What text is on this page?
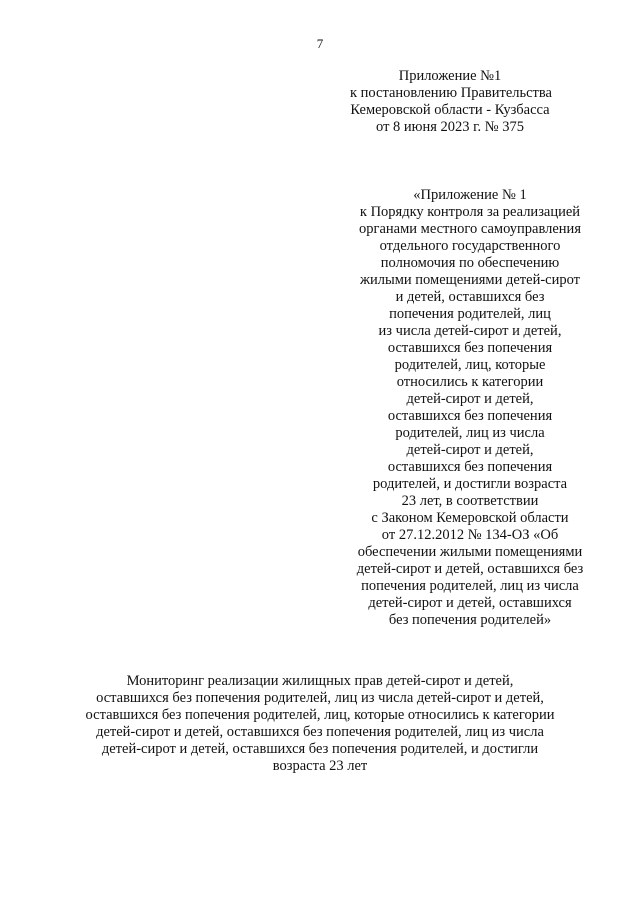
7
Приложение №1
к постановлению Правительства
Кемеровской области - Кузбасса
от 8 июня 2023 г. № 375
«Приложение № 1
к Порядку контроля за реализацией
органами местного самоуправления
отдельного государственного
полномочия по обеспечению
жилыми помещениями детей-сирот
и детей, оставшихся без
попечения родителей, лиц
из числа детей-сирот и детей,
оставшихся без попечения
родителей, лиц, которые
относились к категории
детей-сирот и детей,
оставшихся без попечения
родителей, лиц из числа
детей-сирот и детей,
оставшихся без попечения
родителей, и достигли возраста
23 лет, в соответствии
с Законом Кемеровской области
от 27.12.2012 № 134-ОЗ «Об
обеспечении жилыми помещениями
детей-сирот и детей, оставшихся без
попечения родителей, лиц из числа
детей-сирот и детей, оставшихся
без попечения родителей»
Мониторинг реализации жилищных прав детей-сирот и детей,
оставшихся без попечения родителей, лиц из числа детей-сирот и детей,
оставшихся без попечения родителей, лиц, которые относились к категории
детей-сирот и детей, оставшихся без попечения родителей, лиц из числа
детей-сирот и детей, оставшихся без попечения родителей, и достигли
возраста 23 лет
